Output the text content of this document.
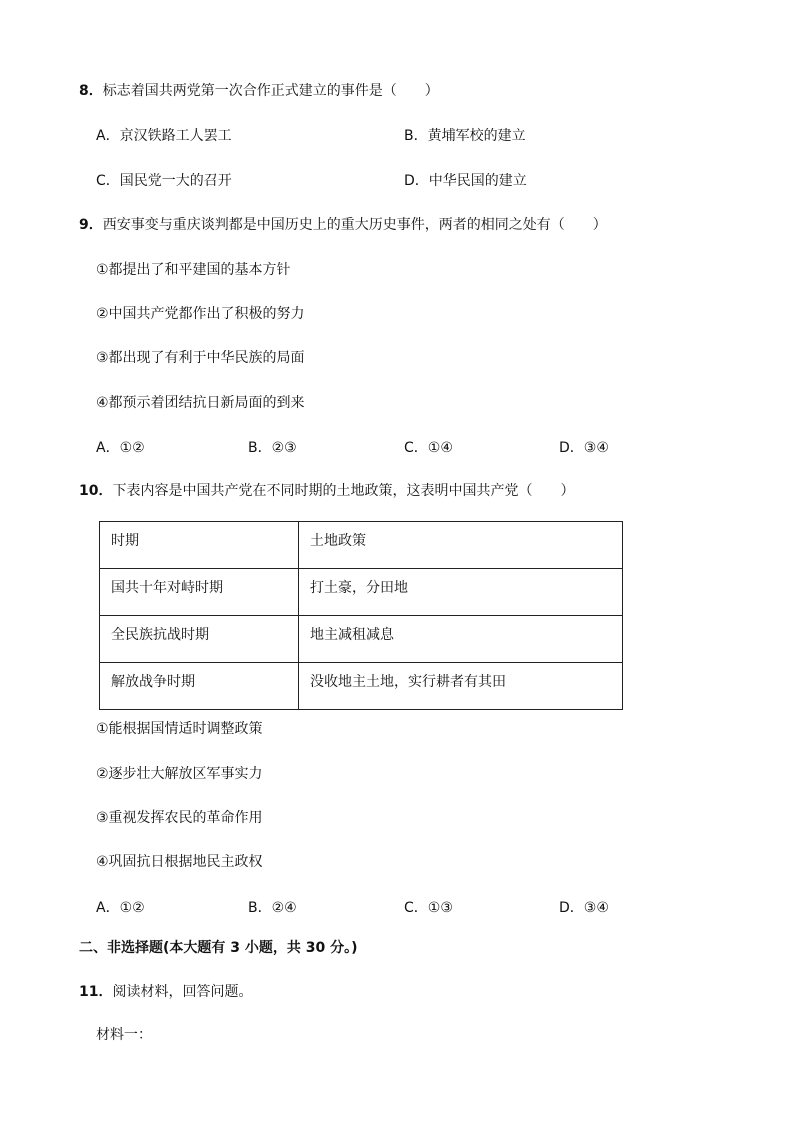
8．标志着国共两党第一次合作正式建立的事件是（　　）
A．京汉铁路工人罢工	B．黄埔军校的建立
C．国民党一大的召开	D．中华民国的建立
9．西安事变与重庆谈判都是中国历史上的重大历史事件，两者的相同之处有（　　）
①都提出了和平建国的基本方针
②中国共产党都作出了积极的努力
③都出现了有利于中华民族的局面
④都预示着团结抗日新局面的到来
A．①②	B．②③	C．①④	D．③④
10．下表内容是中国共产党在不同时期的土地政策，这表明中国共产党（　　）
时期	土地政策
国共十年对峙时期	打土豪，分田地
全民族抗战时期	地主减租减息
解放战争时期	没收地主土地，实行耕者有其田
①能根据国情适时调整政策
②逐步壮大解放区军事实力
③重视发挥农民的革命作用
④巩固抗日根据地民主政权
A．①②	B．②④	C．①③	D．③④
二、非选择题(本大题有 3 小题，共 30 分。)
11．阅读材料，回答问题。
材料一：
